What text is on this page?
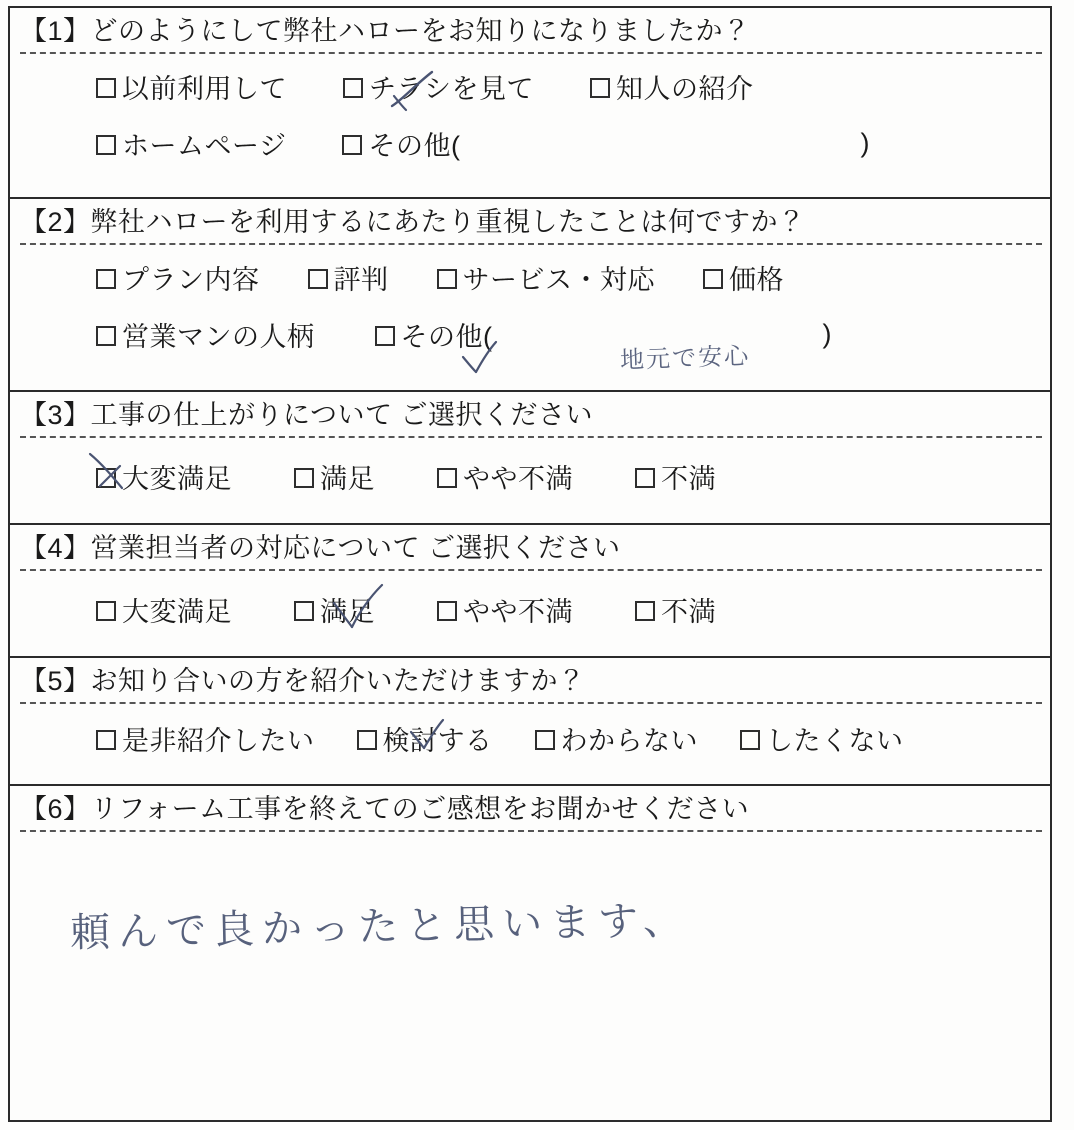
【1】どのようにして弊社ハローをお知りになりましたか？
以前利用して	チラシを見て	知人の紹介
ホームページ	その他(	)
【2】弊社ハローを利用するにあたり重視したことは何ですか？
プラン内容	評判	サービス・対応	価格
営業マンの人柄	その他(	)
地元で安心
【3】工事の仕上がりについて ご選択ください
大変満足	満足	やや不満	不満
【4】営業担当者の対応について ご選択ください
大変満足	満足	やや不満	不満
【5】お知り合いの方を紹介いただけますか？
是非紹介したい	検討する	わからない	したくない
【6】リフォーム工事を終えてのご感想をお聞かせください
頼んで良かったと思います、
